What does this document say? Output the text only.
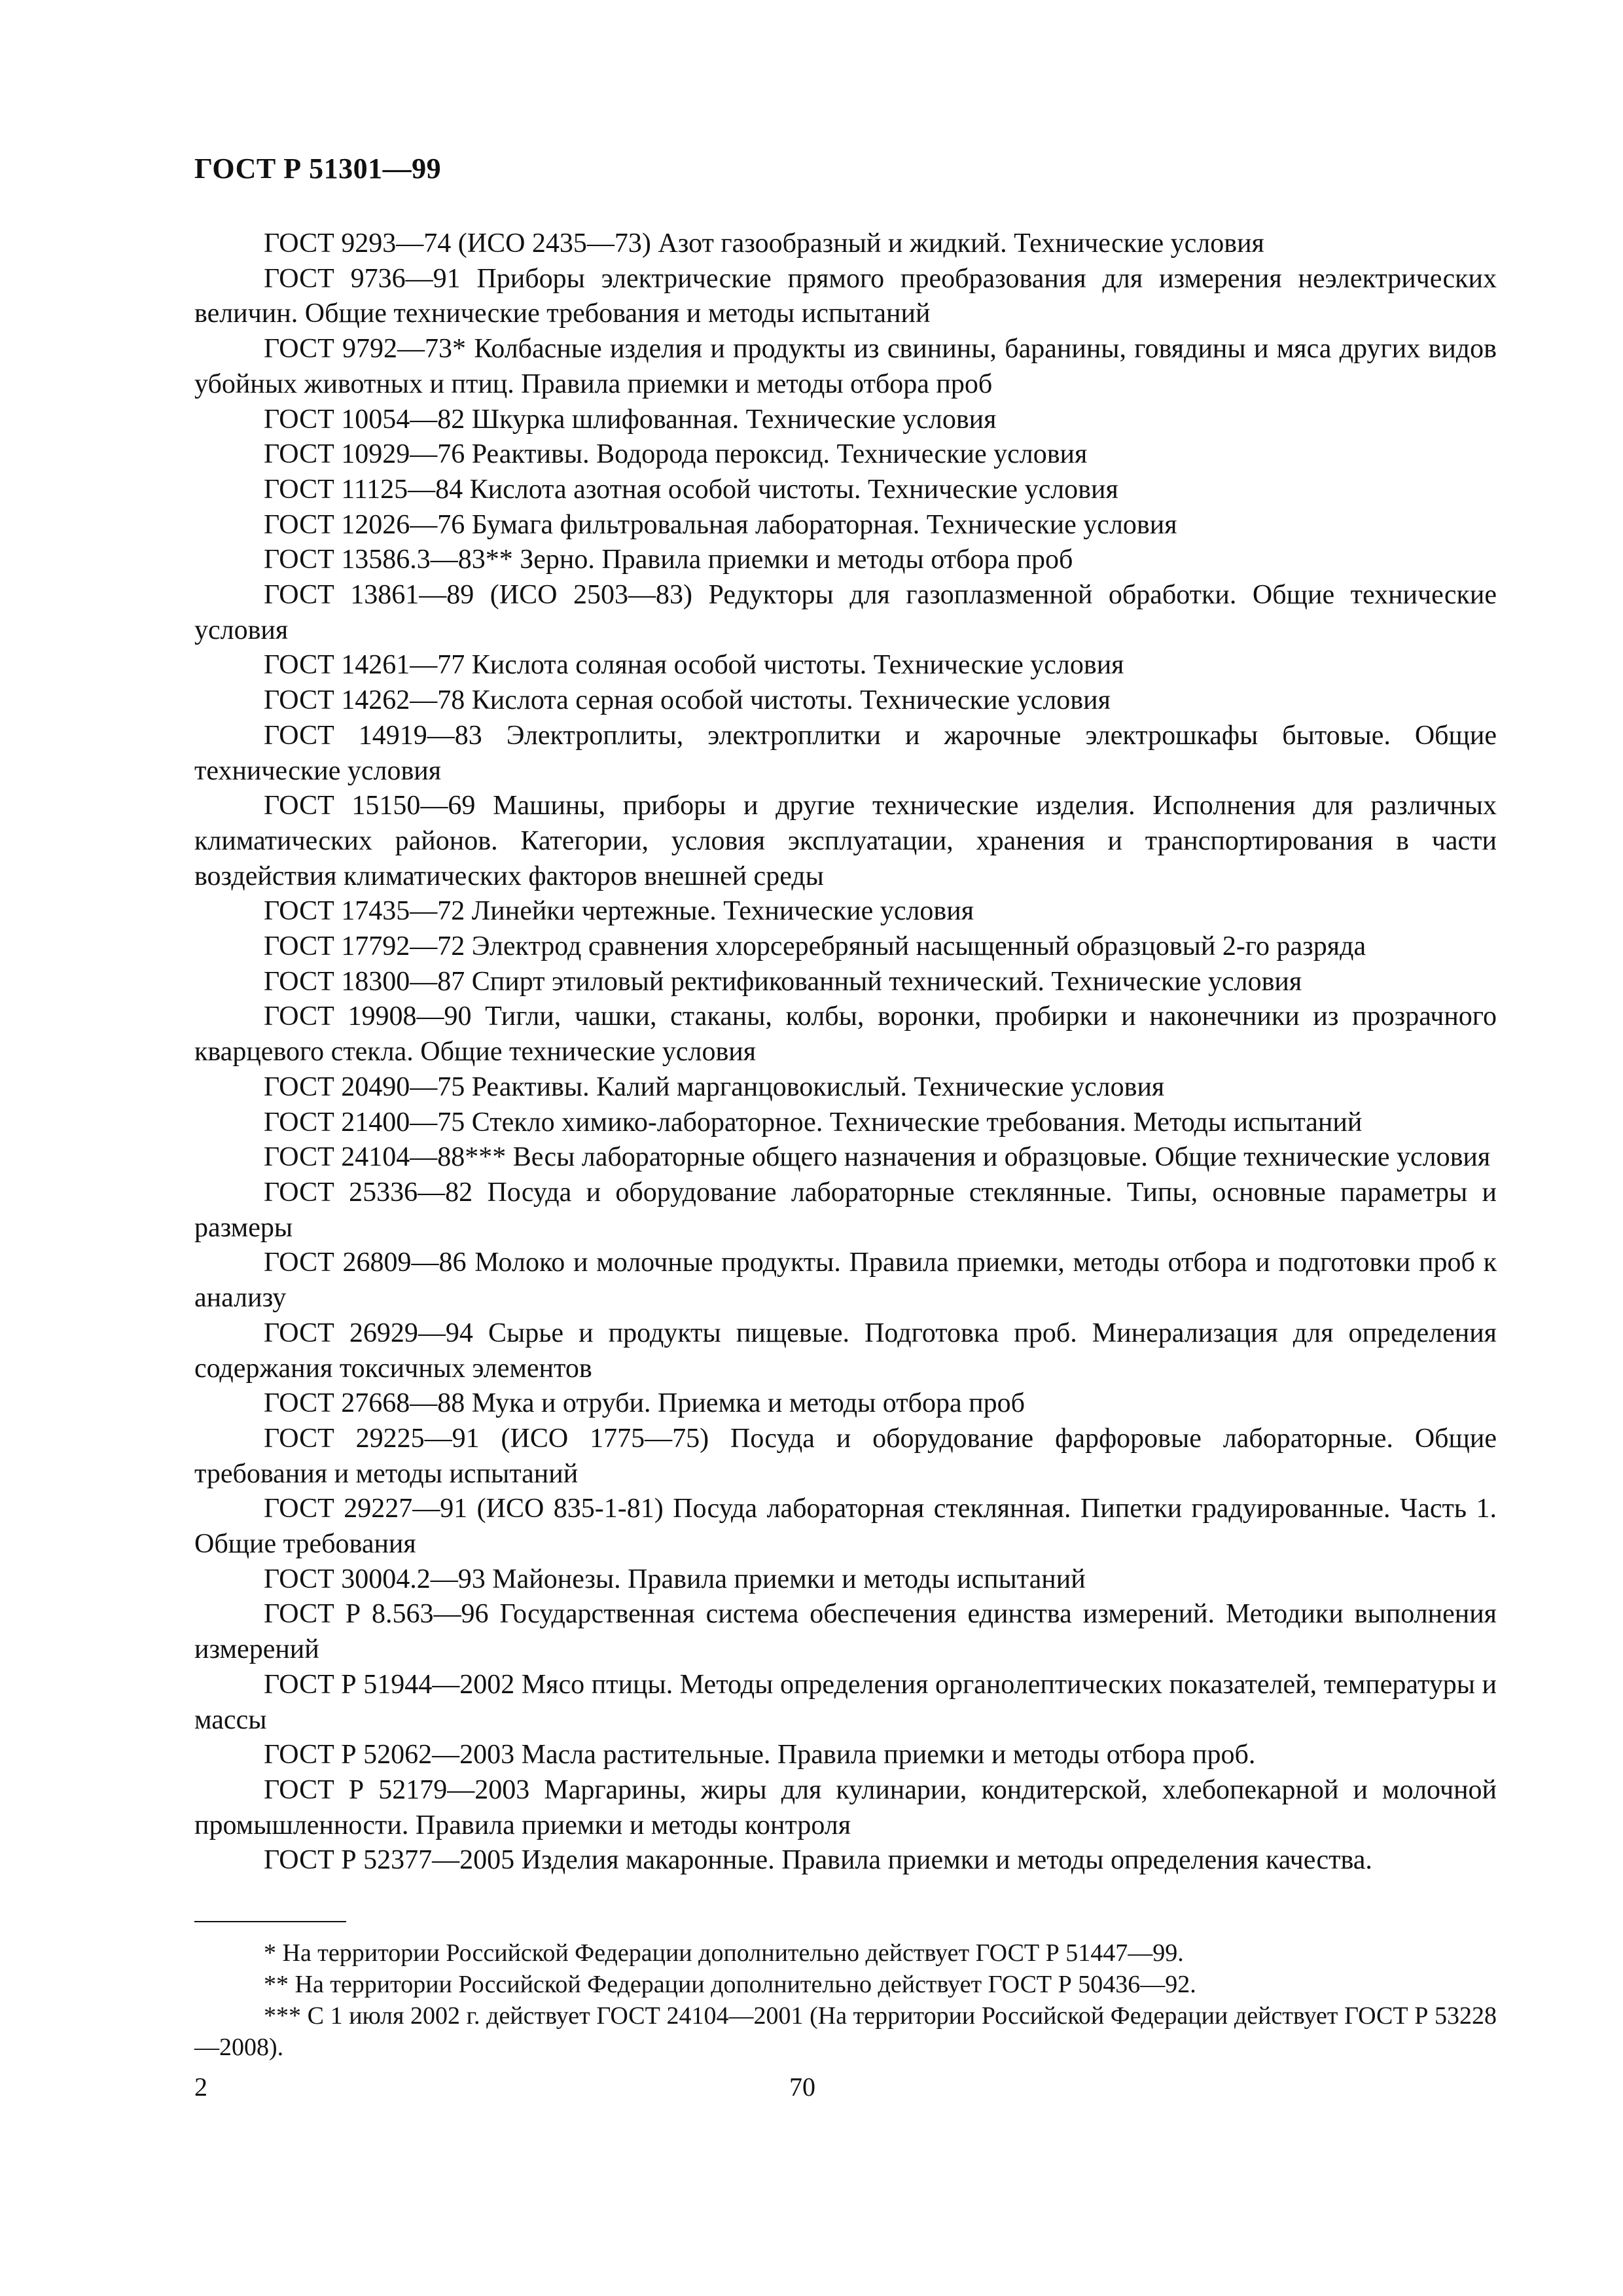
ГОСТ Р 51301—99

ГОСТ 9293—74 (ИСО 2435—73) Азот газообразный и жидкий. Технические условия

ГОСТ 9736—91 Приборы электрические прямого преобразования для измерения неэлектрических величин. Общие технические требования и методы испытаний

ГОСТ 9792—73* Колбасные изделия и продукты из свинины, баранины, говядины и мяса других видов убойных животных и птиц. Правила приемки и методы отбора проб

ГОСТ 10054—82 Шкурка шлифованная. Технические условия

ГОСТ 10929—76 Реактивы. Водорода пероксид. Технические условия

ГОСТ 11125—84 Кислота азотная особой чистоты. Технические условия

ГОСТ 12026—76 Бумага фильтровальная лабораторная. Технические условия

ГОСТ 13586.3—83** Зерно. Правила приемки и методы отбора проб

ГОСТ 13861—89 (ИСО 2503—83) Редукторы для газоплазменной обработки. Общие технические условия

ГОСТ 14261—77 Кислота соляная особой чистоты. Технические условия

ГОСТ 14262—78 Кислота серная особой чистоты. Технические условия

ГОСТ 14919—83 Электроплиты, электроплитки и жарочные электрошкафы бытовые. Общие технические условия

ГОСТ 15150—69 Машины, приборы и другие технические изделия. Исполнения для различных климатических районов. Категории, условия эксплуатации, хранения и транспортирования в части воздействия климатических факторов внешней среды

ГОСТ 17435—72 Линейки чертежные. Технические условия

ГОСТ 17792—72 Электрод сравнения хлорсеребряный насыщенный образцовый 2-го разряда

ГОСТ 18300—87 Спирт этиловый ректификованный технический. Технические условия

ГОСТ 19908—90 Тигли, чашки, стаканы, колбы, воронки, пробирки и наконечники из прозрачного кварцевого стекла. Общие технические условия

ГОСТ 20490—75 Реактивы. Калий марганцовокислый. Технические условия

ГОСТ 21400—75 Стекло химико-лабораторное. Технические требования. Методы испытаний

ГОСТ 24104—88*** Весы лабораторные общего назначения и образцовые. Общие технические условия

ГОСТ 25336—82 Посуда и оборудование лабораторные стеклянные. Типы, основные параметры и размеры

ГОСТ 26809—86 Молоко и молочные продукты. Правила приемки, методы отбора и подготовки проб к анализу

ГОСТ 26929—94 Сырье и продукты пищевые. Подготовка проб. Минерализация для определения содержания токсичных элементов

ГОСТ 27668—88 Мука и отруби. Приемка и методы отбора проб

ГОСТ 29225—91 (ИСО 1775—75) Посуда и оборудование фарфоровые лабораторные. Общие требования и методы испытаний

ГОСТ 29227—91 (ИСО 835-1-81) Посуда лабораторная стеклянная. Пипетки градуированные. Часть 1. Общие требования

ГОСТ 30004.2—93 Майонезы. Правила приемки и методы испытаний

ГОСТ Р 8.563—96 Государственная система обеспечения единства измерений. Методики выполнения измерений

ГОСТ Р 51944—2002 Мясо птицы. Методы определения органолептических показателей, температуры и массы

ГОСТ Р 52062—2003 Масла растительные. Правила приемки и методы отбора проб.

ГОСТ Р 52179—2003 Маргарины, жиры для кулинарии, кондитерской, хлебопекарной и молочной промышленности. Правила приемки и методы контроля

ГОСТ Р 52377—2005 Изделия макаронные. Правила приемки и методы определения качества.

* На территории Российской Федерации дополнительно действует ГОСТ Р 51447—99.

** На территории Российской Федерации дополнительно действует ГОСТ Р 50436—92.

*** С 1 июля 2002 г. действует ГОСТ 24104—2001 (На территории Российской Федерации действует ГОСТ Р 53228—2008).

2	70
